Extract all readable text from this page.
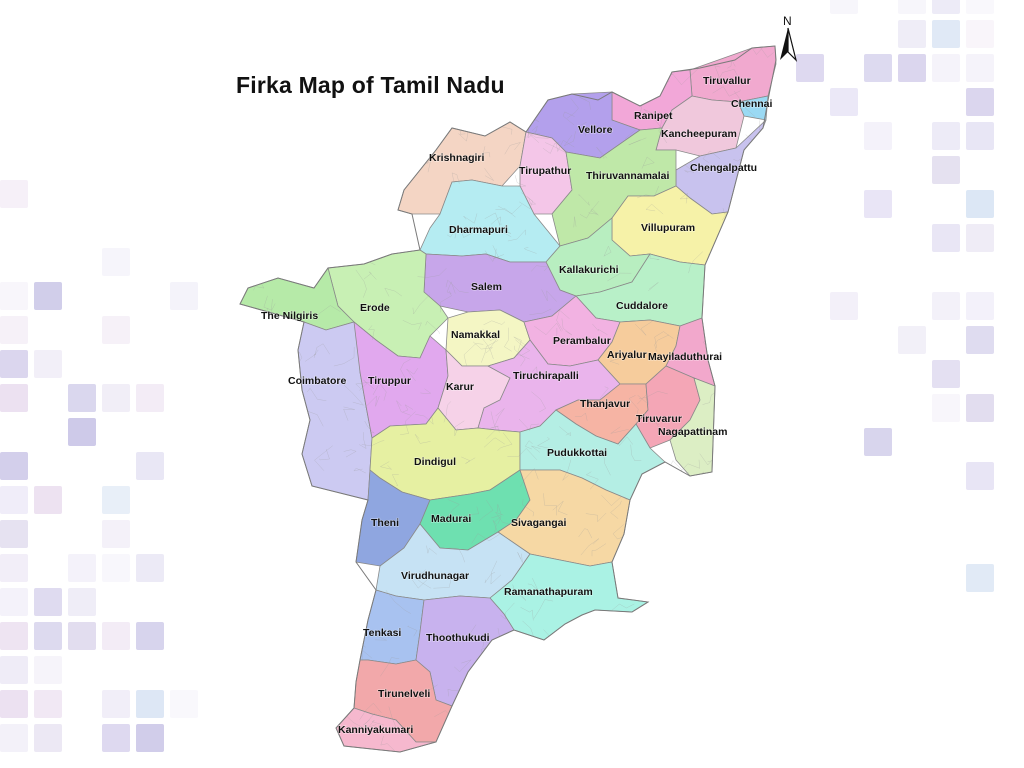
Firka Map of Tamil Nadu
N
Tiruvallur
Chennai
Ranipet
Vellore	Kancheepuram
Chengalpattu
Krishnagiri
Tirupathur Thiruvannamalai
Dharmapuri	Villupuram
Kallakurichi
Salem
Erode
The Nilgiris
Cuddalore
Namakkal	Perambalur
Ariyalur Mayiladuthurai
Coimbatore Tiruppur	Karur
Tiruchirapalli
Thanjavur
Tiruvarur
Nagapattinam
Dindigul
Pudukkottai
Theni	Madurai	Sivagangai
Virudhunagar
Ramanathapuram
Tenkasi Thoothukudi
Tirunelveli
Kanniyakumari
